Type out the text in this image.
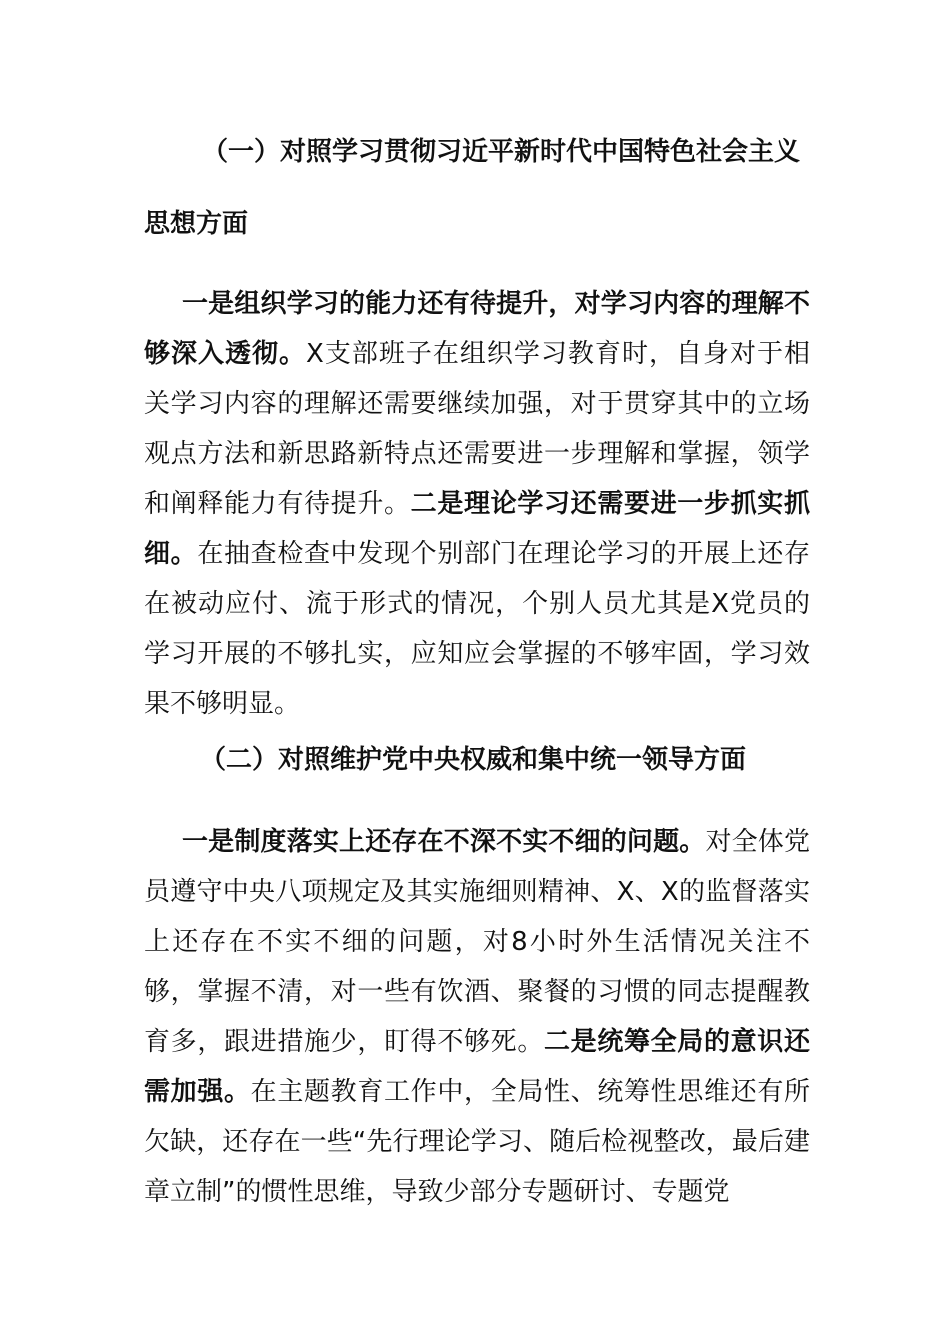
（一）对照学习贯彻习近平新时代中国特色社会主义
思想方面
一是组织学习的能力还有待提升，对学习内容的理解不够深入透彻。X支部班子在组织学习教育时，自身对于相关学习内容的理解还需要继续加强，对于贯穿其中的立场观点方法和新思路新特点还需要进一步理解和掌握，领学和阐释能力有待提升。二是理论学习还需要进一步抓实抓细。在抽查检查中发现个别部门在理论学习的开展上还存在被动应付、流于形式的情况，个别人员尤其是X党员的学习开展的不够扎实，应知应会掌握的不够牢固，学习效果不够明显。
（二）对照维护党中央权威和集中统一领导方面
一是制度落实上还存在不深不实不细的问题。对全体党员遵守中央八项规定及其实施细则精神、X、X的监督落实上还存在不实不细的问题，对8小时外生活情况关注不够，掌握不清，对一些有饮酒、聚餐的习惯的同志提醒教育多，跟进措施少，盯得不够死。二是统筹全局的意识还需加强。在主题教育工作中，全局性、统筹性思维还有所欠缺，还存在一些“先行理论学习、随后检视整改，最后建章立制”的惯性思维，导致少部分专题研讨、专题党
